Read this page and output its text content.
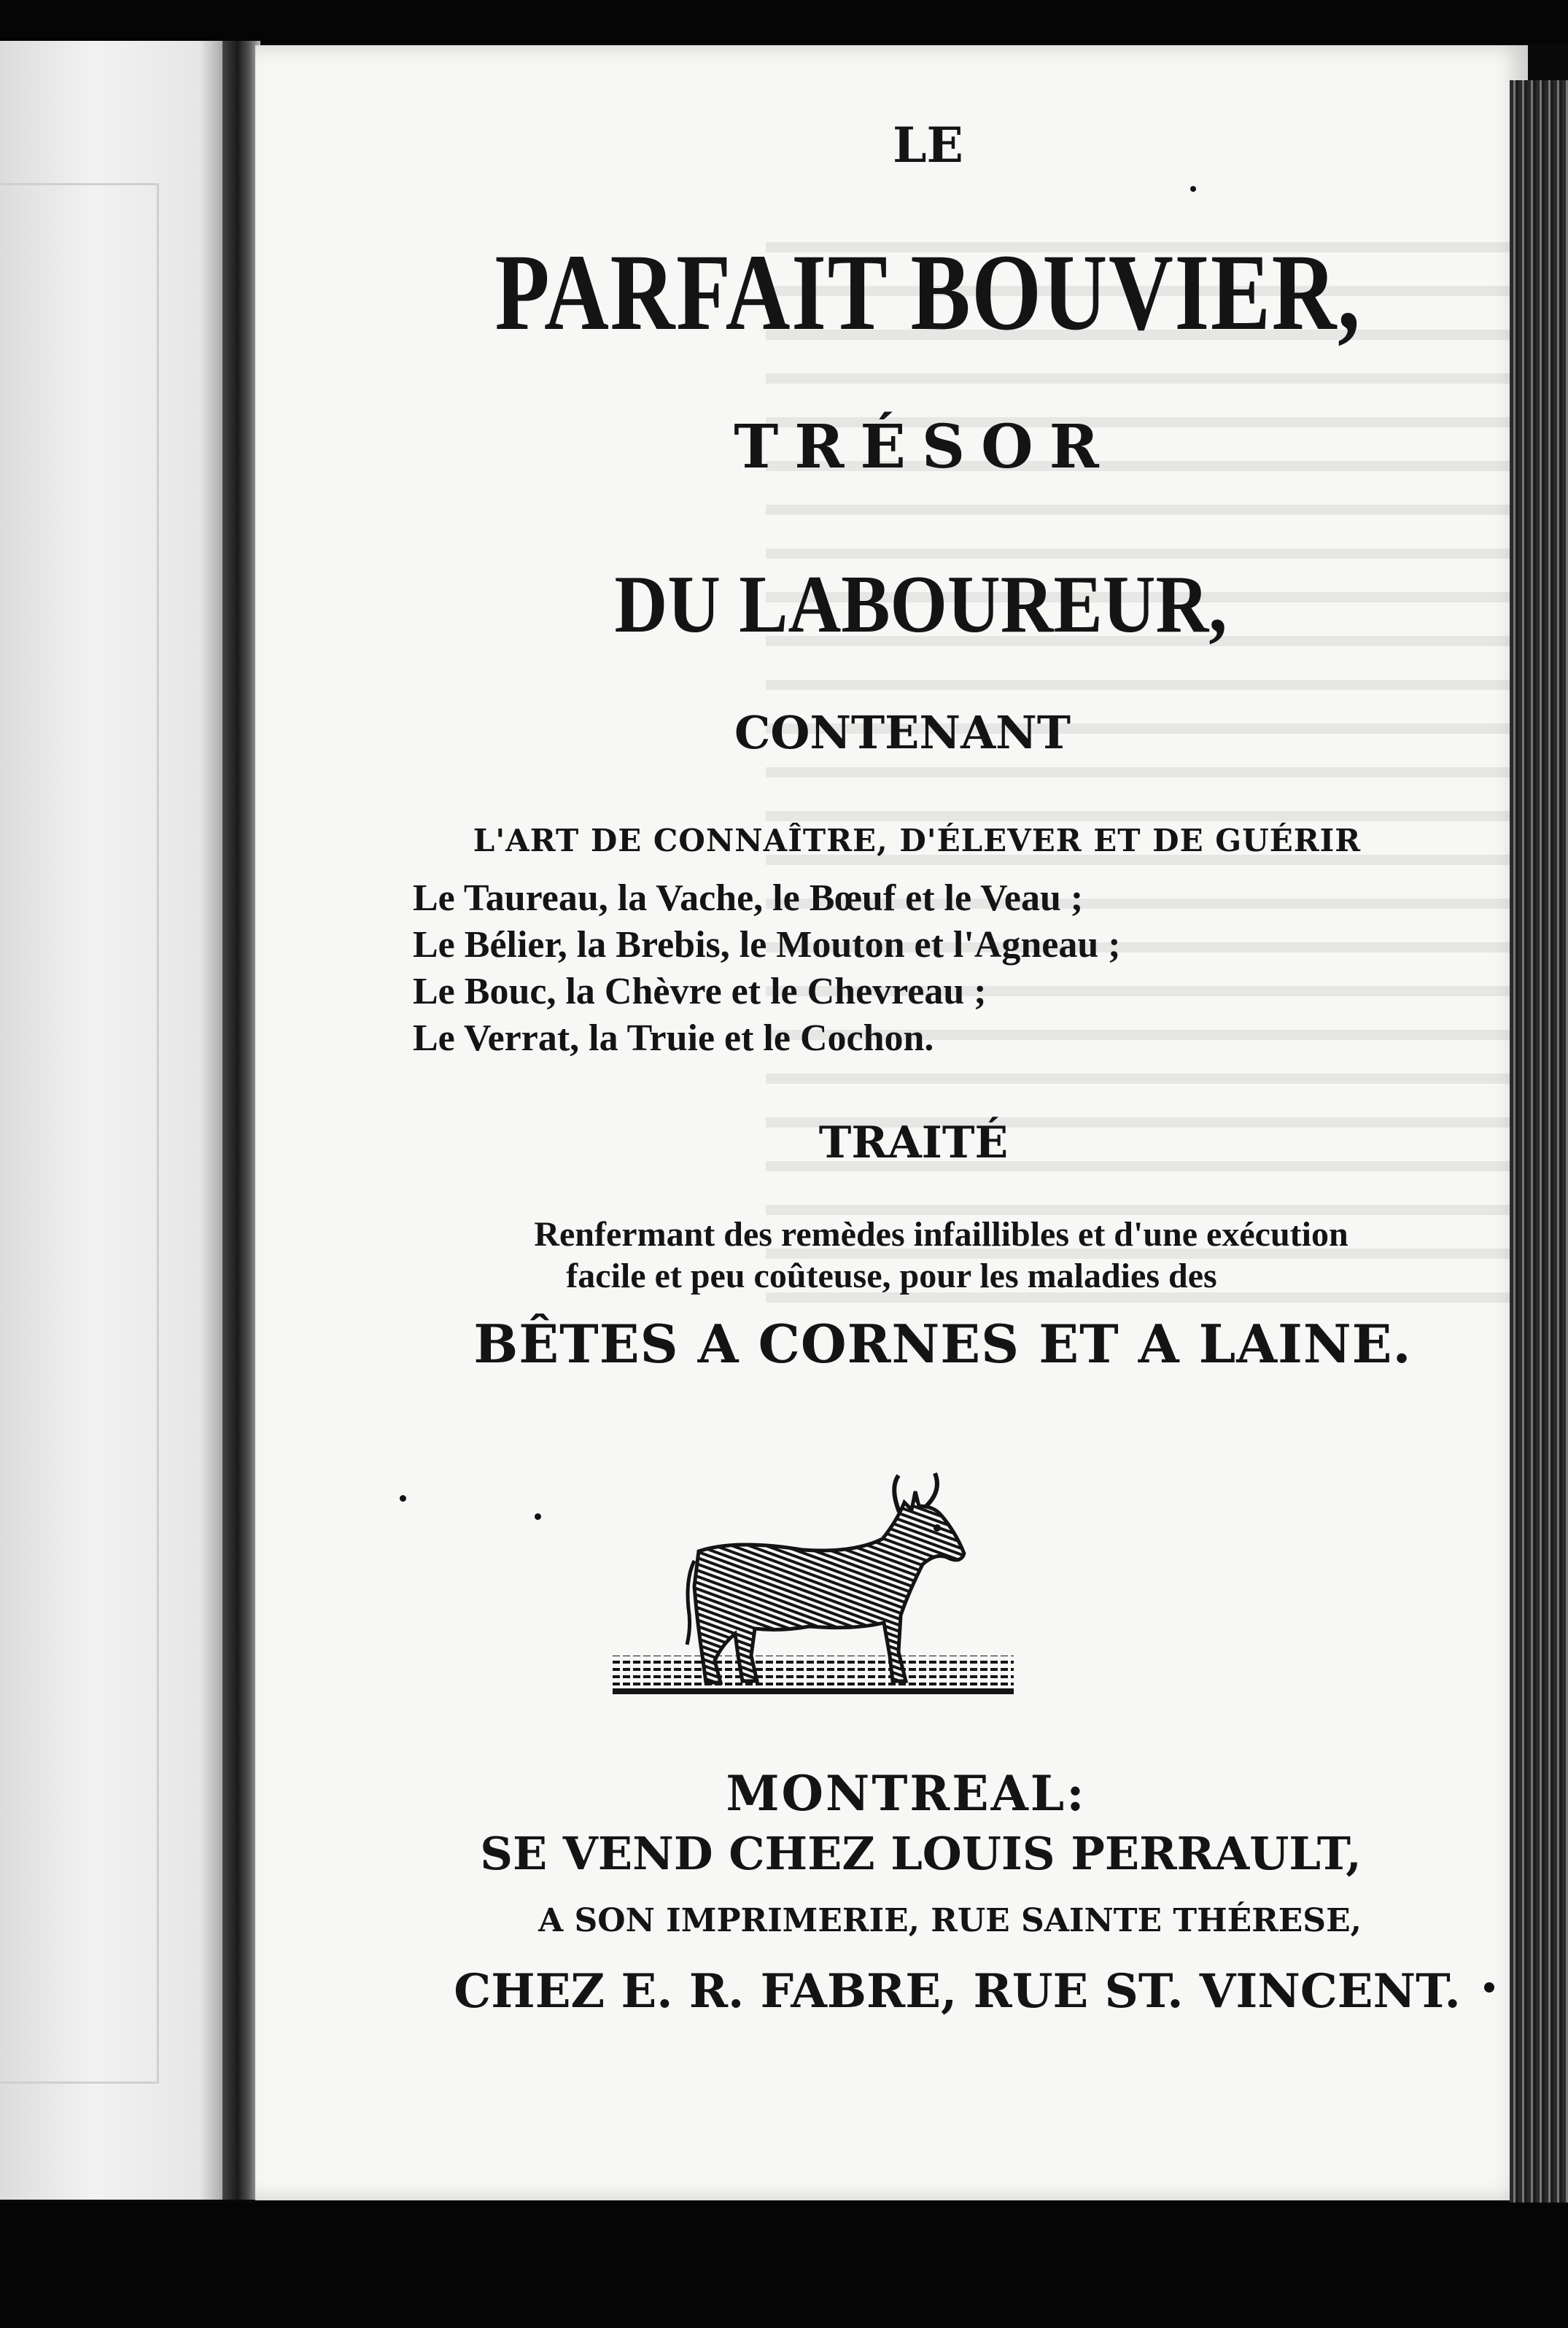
LE

PARFAIT BOUVIER,

TRÉSOR

DU LABOUREUR,

CONTENANT

L'ART DE CONNAÎTRE, D'ÉLEVER ET DE GUÉRIR

Le Taureau, la Vache, le Bœuf et le Veau ;
Le Bélier, la Brebis, le Mouton et l'Agneau ;
Le Bouc, la Chèvre et le Chevreau ;
Le Verrat, la Truie et le Cochon.

TRAITÉ

Renfermant des remèdes infaillibles et d'une exécution

facile et peu coûteuse, pour les maladies des

BÊTES A CORNES ET A LAINE.

MONTREAL:

SE VEND CHEZ LOUIS PERRAULT,

A SON IMPRIMERIE, RUE SAINTE THÉRESE,

CHEZ E. R. FABRE, RUE ST. VINCENT.
